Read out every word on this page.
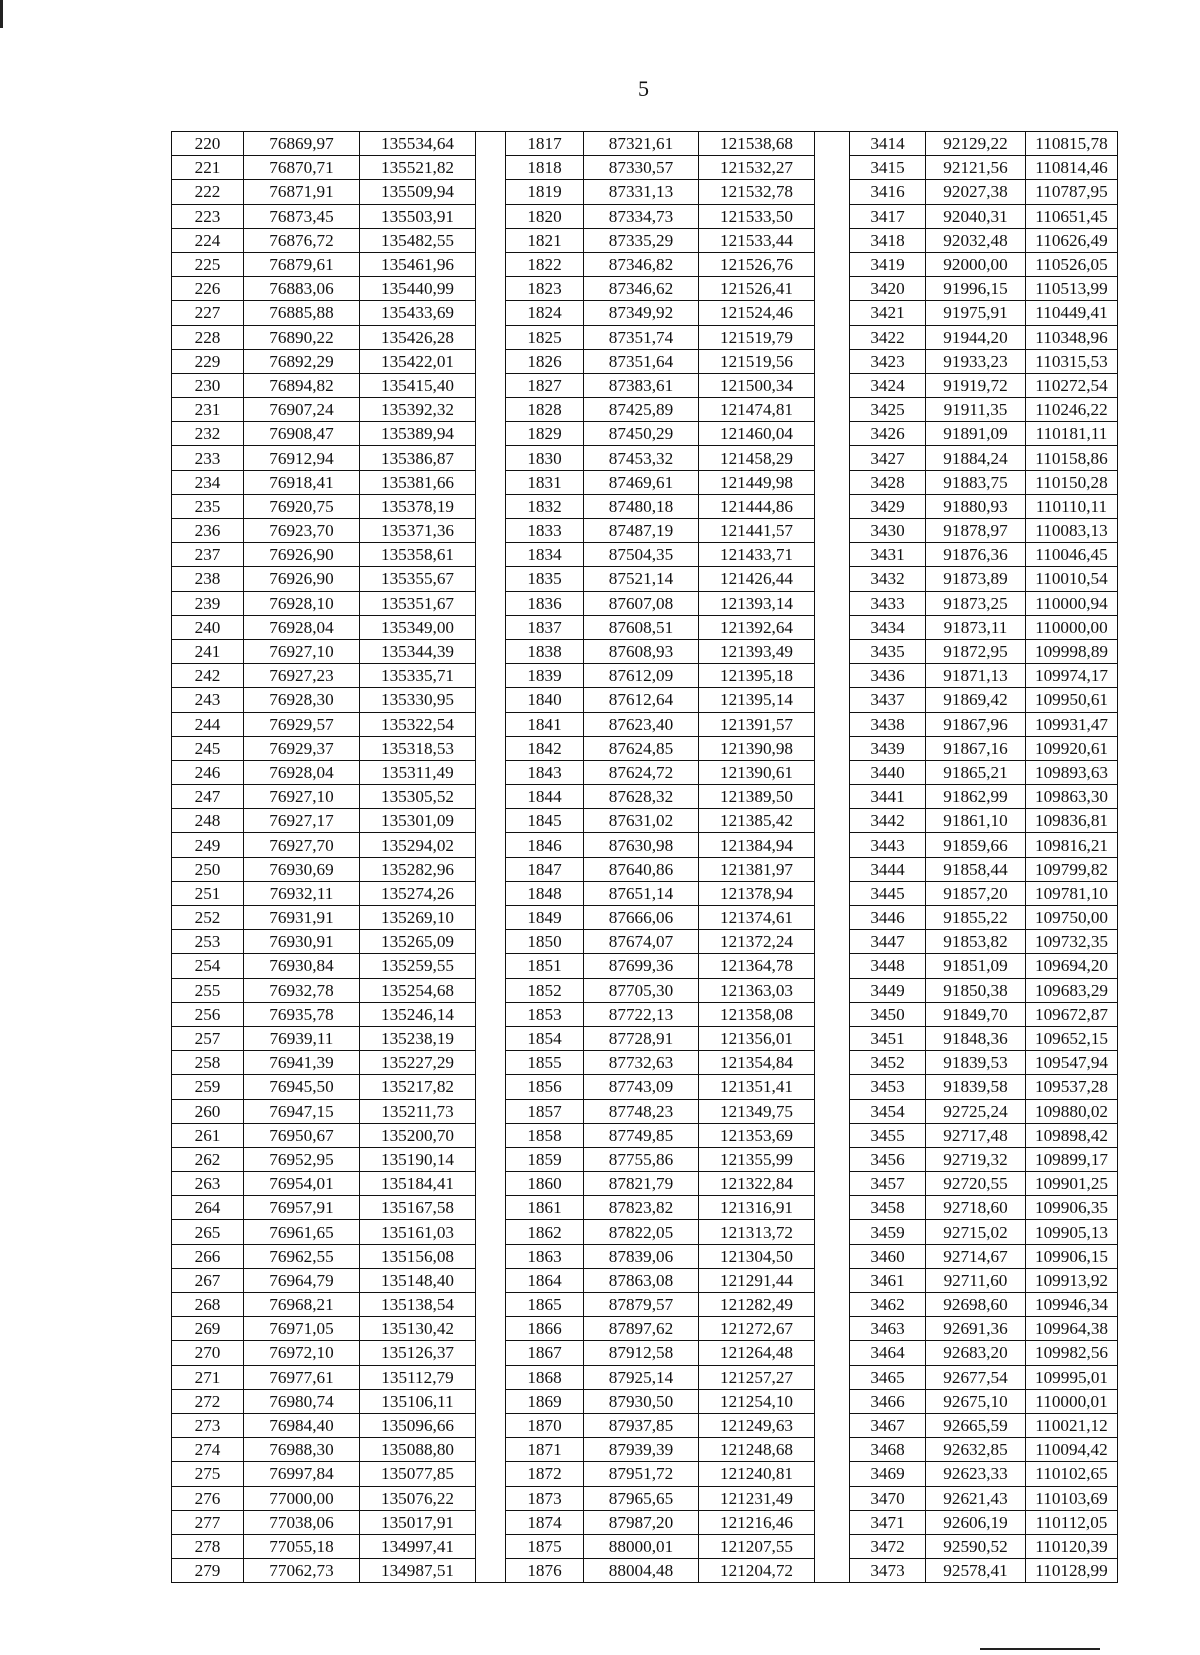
5
220	76869,97	135534,64		1817	87321,61	121538,68		3414	92129,22	110815,78
221	76870,71	135521,82		1818	87330,57	121532,27		3415	92121,56	110814,46
222	76871,91	135509,94		1819	87331,13	121532,78		3416	92027,38	110787,95
223	76873,45	135503,91		1820	87334,73	121533,50		3417	92040,31	110651,45
224	76876,72	135482,55		1821	87335,29	121533,44		3418	92032,48	110626,49
225	76879,61	135461,96		1822	87346,82	121526,76		3419	92000,00	110526,05
226	76883,06	135440,99		1823	87346,62	121526,41		3420	91996,15	110513,99
227	76885,88	135433,69		1824	87349,92	121524,46		3421	91975,91	110449,41
228	76890,22	135426,28		1825	87351,74	121519,79		3422	91944,20	110348,96
229	76892,29	135422,01		1826	87351,64	121519,56		3423	91933,23	110315,53
230	76894,82	135415,40		1827	87383,61	121500,34		3424	91919,72	110272,54
231	76907,24	135392,32		1828	87425,89	121474,81		3425	91911,35	110246,22
232	76908,47	135389,94		1829	87450,29	121460,04		3426	91891,09	110181,11
233	76912,94	135386,87		1830	87453,32	121458,29		3427	91884,24	110158,86
234	76918,41	135381,66		1831	87469,61	121449,98		3428	91883,75	110150,28
235	76920,75	135378,19		1832	87480,18	121444,86		3429	91880,93	110110,11
236	76923,70	135371,36		1833	87487,19	121441,57		3430	91878,97	110083,13
237	76926,90	135358,61		1834	87504,35	121433,71		3431	91876,36	110046,45
238	76926,90	135355,67		1835	87521,14	121426,44		3432	91873,89	110010,54
239	76928,10	135351,67		1836	87607,08	121393,14		3433	91873,25	110000,94
240	76928,04	135349,00		1837	87608,51	121392,64		3434	91873,11	110000,00
241	76927,10	135344,39		1838	87608,93	121393,49		3435	91872,95	109998,89
242	76927,23	135335,71		1839	87612,09	121395,18		3436	91871,13	109974,17
243	76928,30	135330,95		1840	87612,64	121395,14		3437	91869,42	109950,61
244	76929,57	135322,54		1841	87623,40	121391,57		3438	91867,96	109931,47
245	76929,37	135318,53		1842	87624,85	121390,98		3439	91867,16	109920,61
246	76928,04	135311,49		1843	87624,72	121390,61		3440	91865,21	109893,63
247	76927,10	135305,52		1844	87628,32	121389,50		3441	91862,99	109863,30
248	76927,17	135301,09		1845	87631,02	121385,42		3442	91861,10	109836,81
249	76927,70	135294,02		1846	87630,98	121384,94		3443	91859,66	109816,21
250	76930,69	135282,96		1847	87640,86	121381,97		3444	91858,44	109799,82
251	76932,11	135274,26		1848	87651,14	121378,94		3445	91857,20	109781,10
252	76931,91	135269,10		1849	87666,06	121374,61		3446	91855,22	109750,00
253	76930,91	135265,09		1850	87674,07	121372,24		3447	91853,82	109732,35
254	76930,84	135259,55		1851	87699,36	121364,78		3448	91851,09	109694,20
255	76932,78	135254,68		1852	87705,30	121363,03		3449	91850,38	109683,29
256	76935,78	135246,14		1853	87722,13	121358,08		3450	91849,70	109672,87
257	76939,11	135238,19		1854	87728,91	121356,01		3451	91848,36	109652,15
258	76941,39	135227,29		1855	87732,63	121354,84		3452	91839,53	109547,94
259	76945,50	135217,82		1856	87743,09	121351,41		3453	91839,58	109537,28
260	76947,15	135211,73		1857	87748,23	121349,75		3454	92725,24	109880,02
261	76950,67	135200,70		1858	87749,85	121353,69		3455	92717,48	109898,42
262	76952,95	135190,14		1859	87755,86	121355,99		3456	92719,32	109899,17
263	76954,01	135184,41		1860	87821,79	121322,84		3457	92720,55	109901,25
264	76957,91	135167,58		1861	87823,82	121316,91		3458	92718,60	109906,35
265	76961,65	135161,03		1862	87822,05	121313,72		3459	92715,02	109905,13
266	76962,55	135156,08		1863	87839,06	121304,50		3460	92714,67	109906,15
267	76964,79	135148,40		1864	87863,08	121291,44		3461	92711,60	109913,92
268	76968,21	135138,54		1865	87879,57	121282,49		3462	92698,60	109946,34
269	76971,05	135130,42		1866	87897,62	121272,67		3463	92691,36	109964,38
270	76972,10	135126,37		1867	87912,58	121264,48		3464	92683,20	109982,56
271	76977,61	135112,79		1868	87925,14	121257,27		3465	92677,54	109995,01
272	76980,74	135106,11		1869	87930,50	121254,10		3466	92675,10	110000,01
273	76984,40	135096,66		1870	87937,85	121249,63		3467	92665,59	110021,12
274	76988,30	135088,80		1871	87939,39	121248,68		3468	92632,85	110094,42
275	76997,84	135077,85		1872	87951,72	121240,81		3469	92623,33	110102,65
276	77000,00	135076,22		1873	87965,65	121231,49		3470	92621,43	110103,69
277	77038,06	135017,91		1874	87987,20	121216,46		3471	92606,19	110112,05
278	77055,18	134997,41		1875	88000,01	121207,55		3472	92590,52	110120,39
279	77062,73	134987,51		1876	88004,48	121204,72		3473	92578,41	110128,99
